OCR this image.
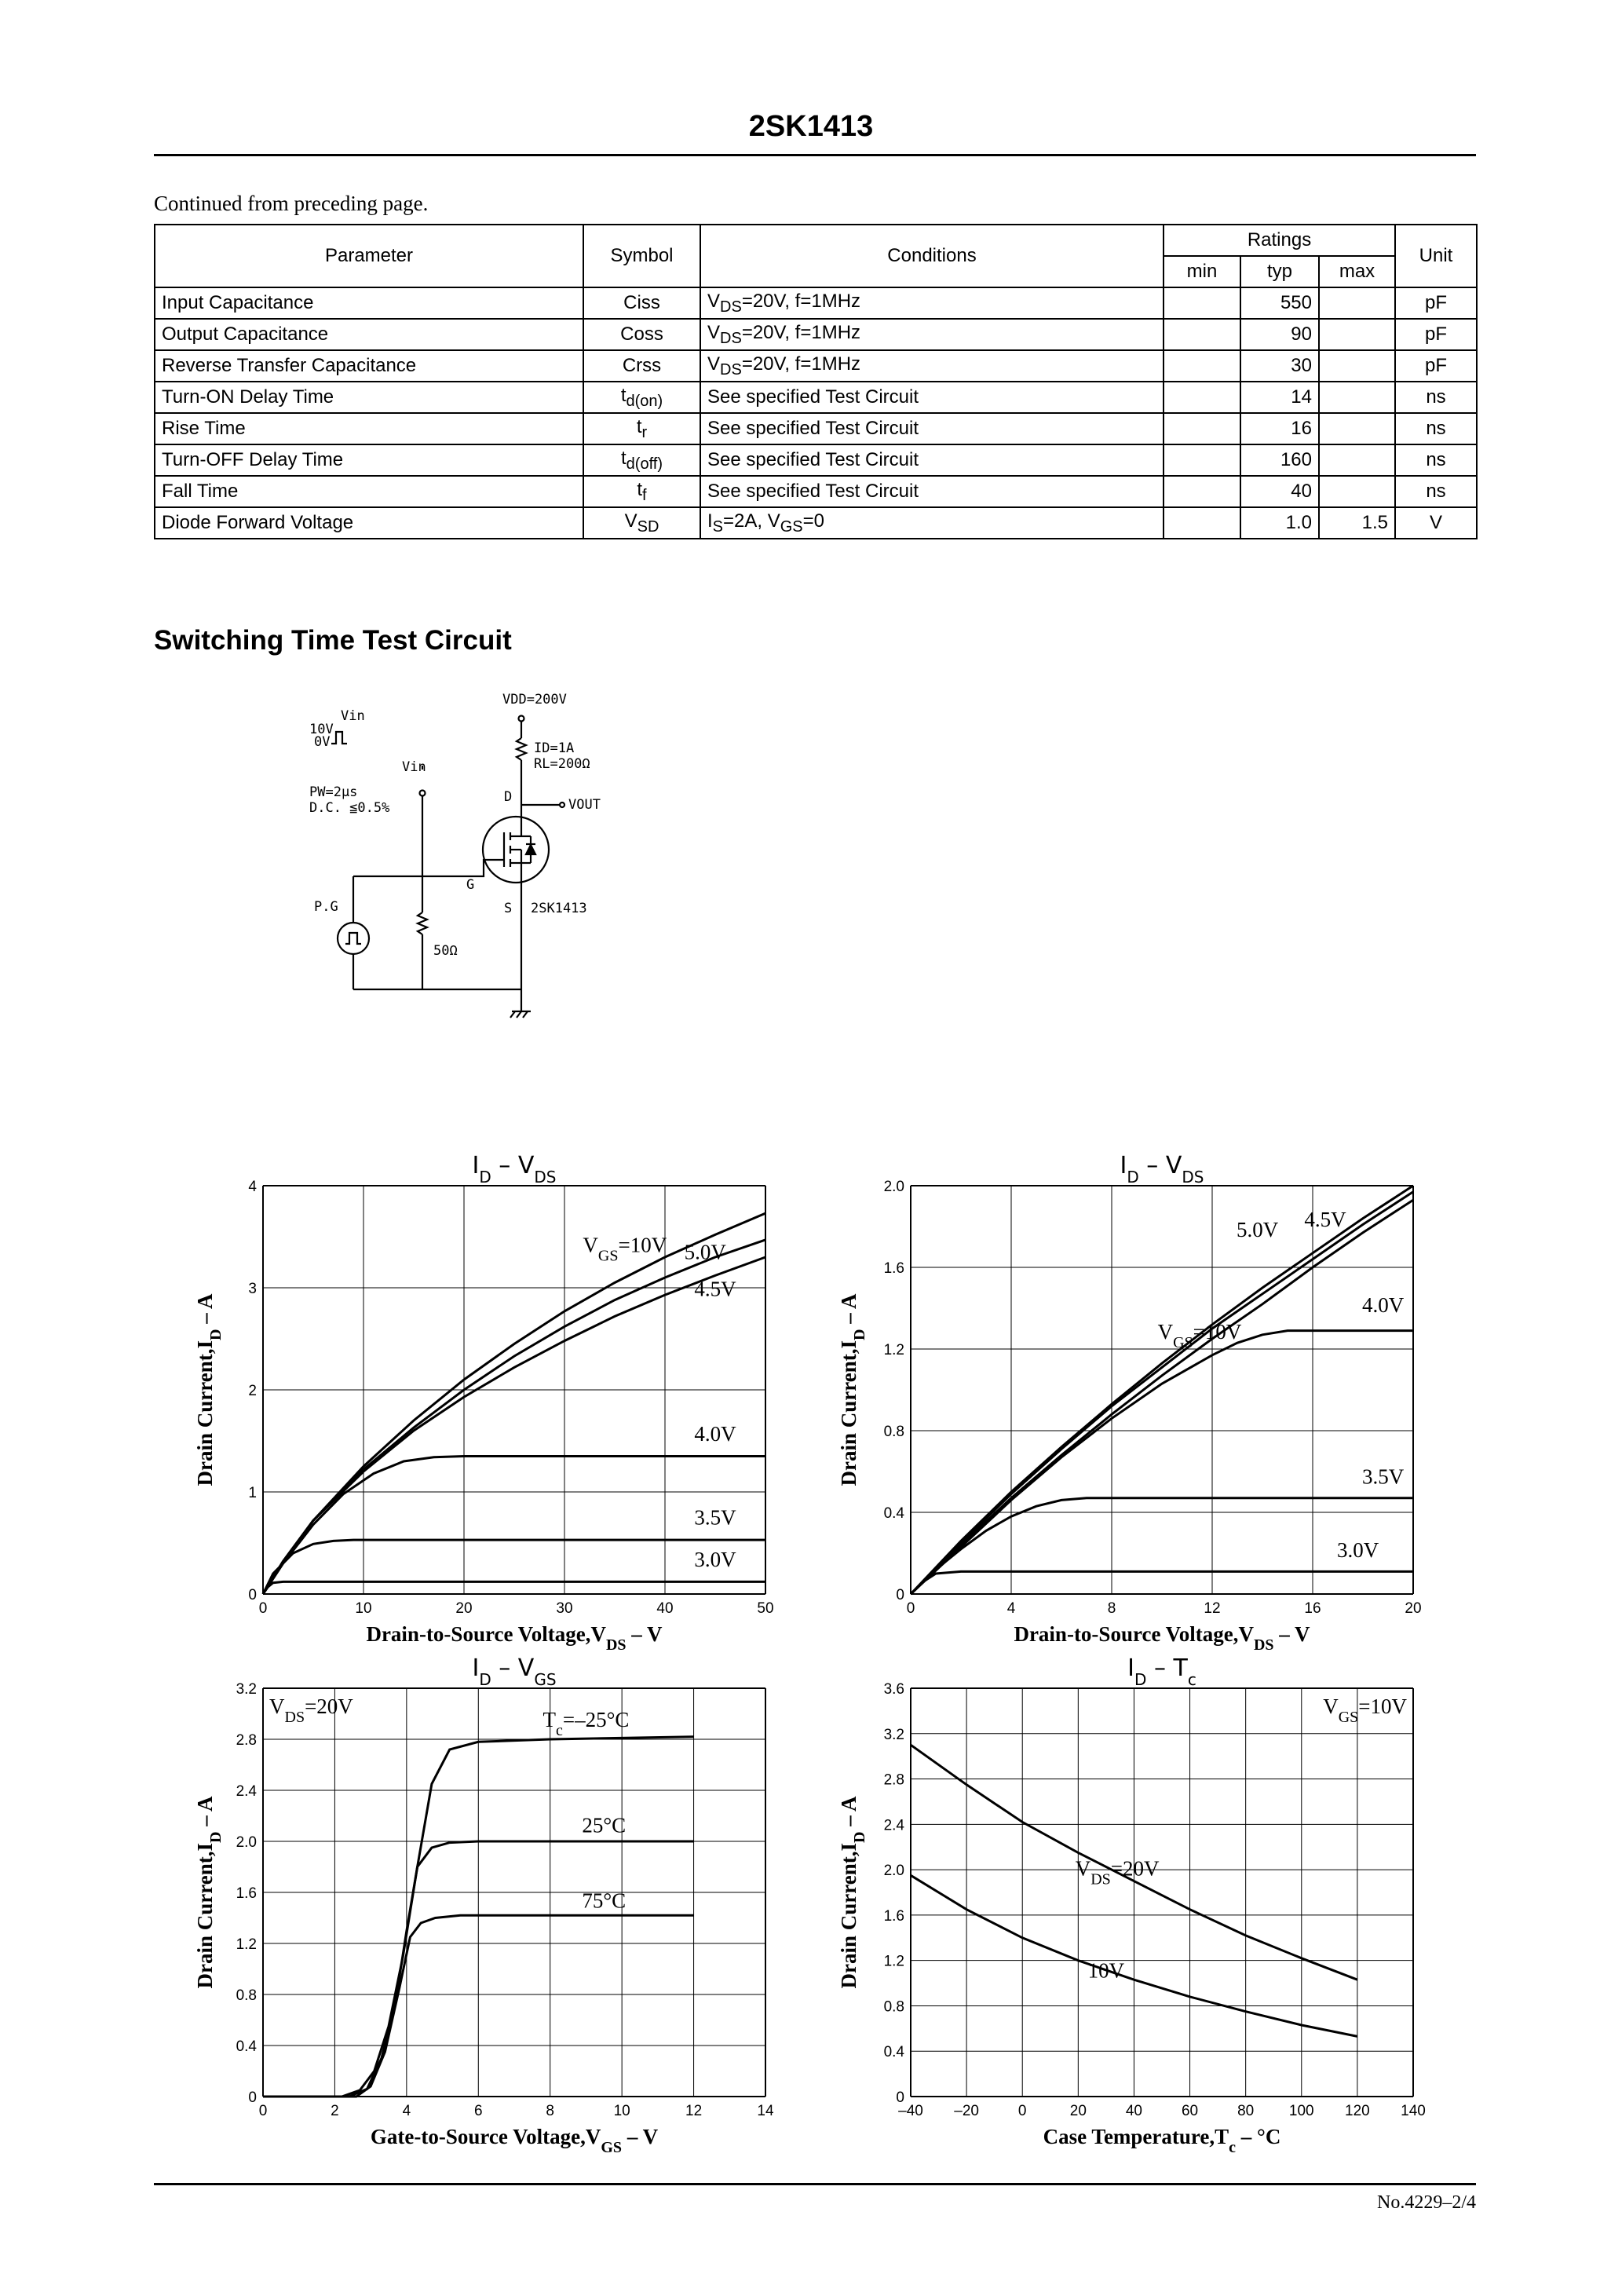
2SK1413
Continued from preceding page.
Parameter	Symbol	Conditions	Ratings			Unit
			min	typ	max	
Input Capacitance	Ciss	$V_{DS}=20V$, f=1MHz		550		pF
Output Capacitance	Coss	$V_{DS}=20V$, f=1MHz		90		pF
Reverse Transfer Capacitance	Crss	$V_{DS}=20V$, f=1MHz		30		pF
Turn-ON Delay Time	$t_{d(on)}$	See specified Test Circuit		14		ns
Rise Time	$t_r$	See specified Test Circuit		16		ns
Turn-OFF Delay Time	$t_{d(off)}$	See specified Test Circuit		160		ns
Fall Time	$t_f$	See specified Test Circuit		40		ns
Diode Forward Voltage	$V_{SD}$	$I_S=2A$, $V_{GS}=0$		1.0	1.5	V
Switching Time Test Circuit
VDD=200V
Vin
10V
0V
Vin
PW=2μs
D.C. ≦0.5%
ID=1A
RL=200Ω
VOUT
D
G
S 2SK1413
P.G
50Ω
0	10	20	30	40	50
0
1
2
3
4
$I_D - V_{DS}$
Drain-to-Source $Voltage,V_{DS}$ – V
Drain $Current,I_D$ – A
$V_{GS}=10V$ 5.0V
4.5V
4.0V
3.5V
3.0V
0	4	8	12	16	20
0
0.4
0.8
1.2
1.6
2.0
$I_D - V_{DS}$
Drain-to-Source $Voltage,V_{DS}$ – V
Drain $Current,I_D$ – A
$V_{GS}=10V$
5.0V 4.5V
4.0V
3.5V
3.0V
0	2	4	6	8	10	12	14
0
0.4
0.8
1.2
1.6
2.0
2.4
2.8
3.2
$I_D - V_{GS}$
Gate-to-Source $Voltage,V_{GS}$ – V
Drain $Current,I_D$ – A
$V_{DS}=20V$
$T_c=-25^\circ C$
25°C
75°C
–40 –20	0	20	40	60	80 100 120 140
0
0.4
0.8
1.2
1.6
2.0
2.4
2.8
3.2
3.6
$I_D - T_c$
Case $Temperature,T_c - ^\circ C$
Drain $Current,I_D$ – A
$V_{GS}=10V$
$V_{DS}=20V$
10V
No.4229–2/4
